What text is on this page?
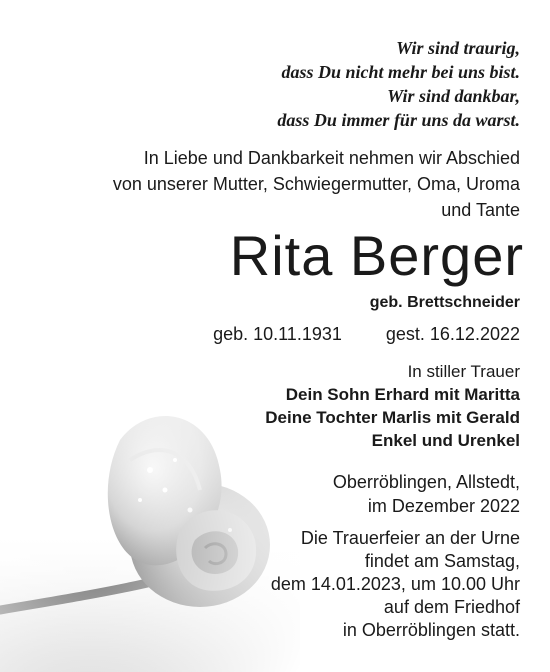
Wir sind traurig,
dass Du nicht mehr bei uns bist.
Wir sind dankbar,
dass Du immer für uns da warst.
In Liebe und Dankbarkeit nehmen wir Abschied
von unserer Mutter, Schwiegermutter, Oma, Uroma
und Tante
Rita Berger
geb. Brettschneider
geb. 10.11.1931 gest. 16.12.2022
In stiller Trauer
Dein Sohn Erhard mit Maritta
Deine Tochter Marlis mit Gerald
Enkel und Urenkel
Oberröblingen, Allstedt,
im Dezember 2022
Die Trauerfeier an der Urne
findet am Samstag,
dem 14.01.2023, um 10.00 Uhr
auf dem Friedhof
in Oberröblingen statt.
